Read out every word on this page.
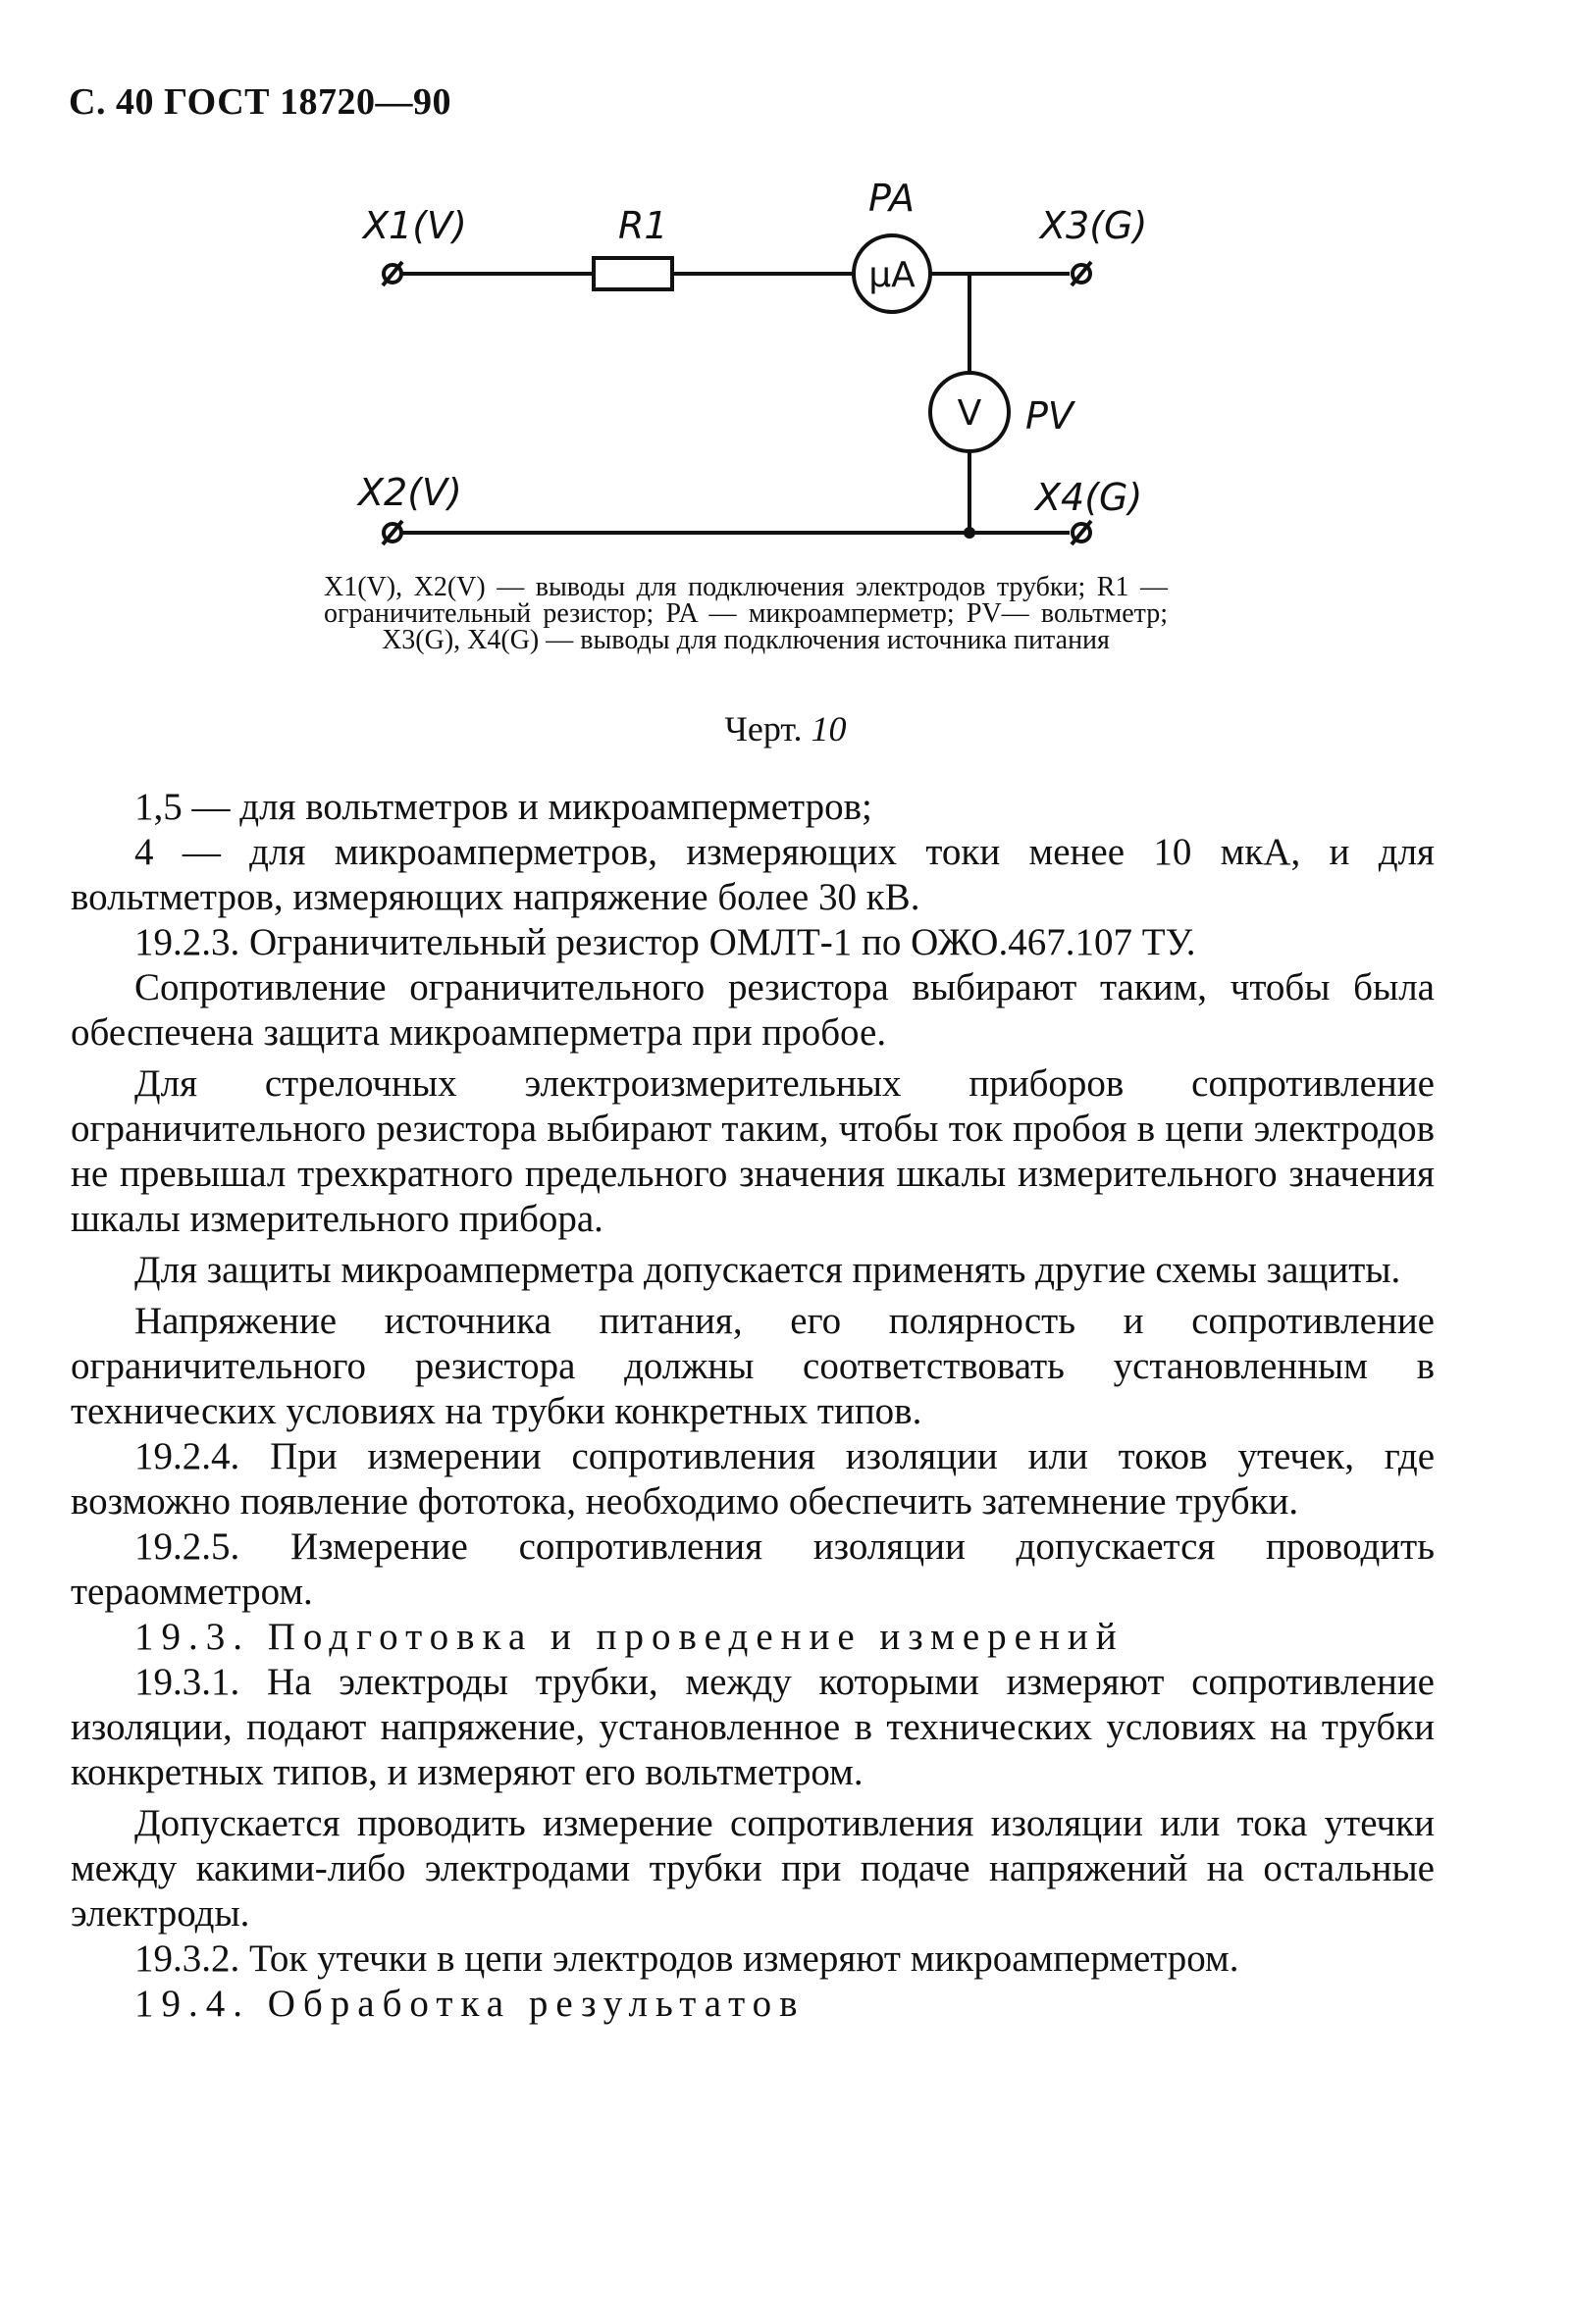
С. 40 ГОСТ 18720—90
μA
V
X1(V)	R1
PA
X3(G)
PV
X2(V)	X4(G)
X1(V), X2(V) — выводы для подключения электродов трубки; R1 — ограничительный резистор; PA — микроамперметр; PV— вольтметр; X3(G), X4(G) — выводы для подключения источника питания
Черт. 10

1,5 — для вольтметров и микроамперметров;

4 — для микроамперметров, измеряющих токи менее 10 мкА, и для вольтметров, измеряющих напряжение более 30 кВ.

19.2.3. Ограничительный резистор ОМЛТ-1 по ОЖО.467.107 ТУ.

Сопротивление ограничительного резистора выбирают таким, чтобы была обеспечена защита микроамперметра при пробое.

Для стрелочных электроизмерительных приборов сопротивление ограничительного резистора выбирают таким, чтобы ток пробоя в цепи электродов не превышал трехкратного предельного значения шкалы измерительного значения шкалы измерительного прибора.

Для защиты микроамперметра допускается применять другие схемы защиты.

Напряжение источника питания, его полярность и сопротивление ограничительного резистора должны соответствовать установленным в технических условиях на трубки конкретных типов.

19.2.4. При измерении сопротивления изоляции или токов утечек, где возможно появление фототока, необходимо обеспечить затемнение трубки.

19.2.5. Измерение сопротивления изоляции допускается проводить тераомметром.

19.3. Подготовка и проведение измерений

19.3.1. На электроды трубки, между которыми измеряют сопротивление изоляции, подают напряжение, установленное в технических условиях на трубки конкретных типов, и измеряют его вольтметром.

Допускается проводить измерение сопротивления изоляции или тока утечки между какими-либо электродами трубки при подаче напряжений на остальные электроды.

19.3.2. Ток утечки в цепи электродов измеряют микроамперметром.

19.4. Обработка результатов
